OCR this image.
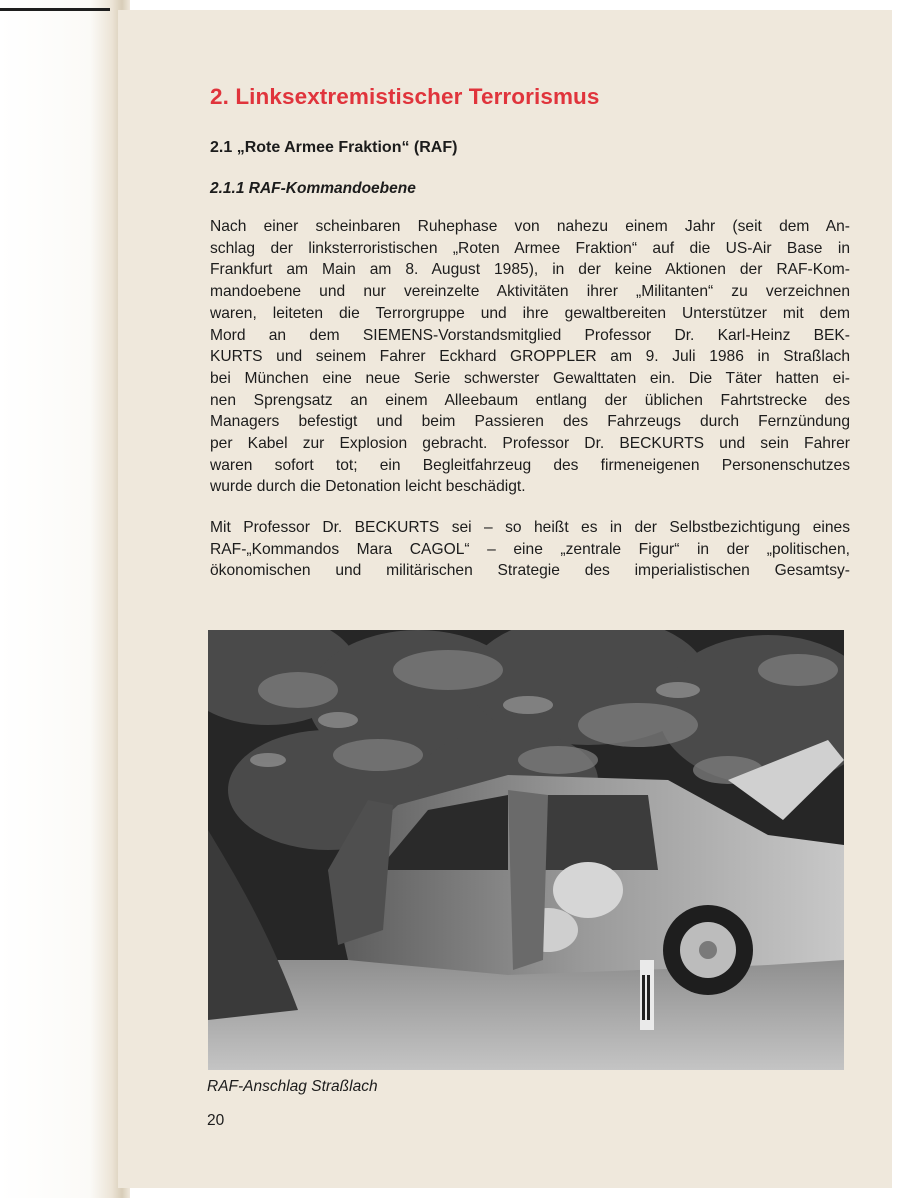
2. Linksextremistischer Terrorismus
2.1 „Rote Armee Fraktion“ (RAF)
2.1.1 RAF-Kommandoebene
Nach einer scheinbaren Ruhephase von nahezu einem Jahr (seit dem An-
schlag der linksterroristischen „Roten Armee Fraktion“ auf die US-Air Base in
Frankfurt am Main am 8. August 1985), in der keine Aktionen der RAF-Kom-
mandoebene und nur vereinzelte Aktivitäten ihrer „Militanten“ zu verzeichnen
waren, leiteten die Terrorgruppe und ihre gewaltbereiten Unterstützer mit dem
Mord an dem SIEMENS-Vorstandsmitglied Professor Dr. Karl-Heinz BEK-
KURTS und seinem Fahrer Eckhard GROPPLER am 9. Juli 1986 in Straßlach
bei München eine neue Serie schwerster Gewalttaten ein. Die Täter hatten ei-
nen Sprengsatz an einem Alleebaum entlang der üblichen Fahrtstrecke des
Managers befestigt und beim Passieren des Fahrzeugs durch Fernzündung
per Kabel zur Explosion gebracht. Professor Dr. BECKURTS und sein Fahrer
waren sofort tot; ein Begleitfahrzeug des firmeneigenen Personenschutzes
wurde durch die Detonation leicht beschädigt.
Mit Professor Dr. BECKURTS sei – so heißt es in der Selbstbezichtigung eines
RAF-„Kommandos Mara CAGOL“ – eine „zentrale Figur“ in der „politischen,
ökonomischen und militärischen Strategie des imperialistischen Gesamtsy-

RAF-Anschlag Straßlach

20
